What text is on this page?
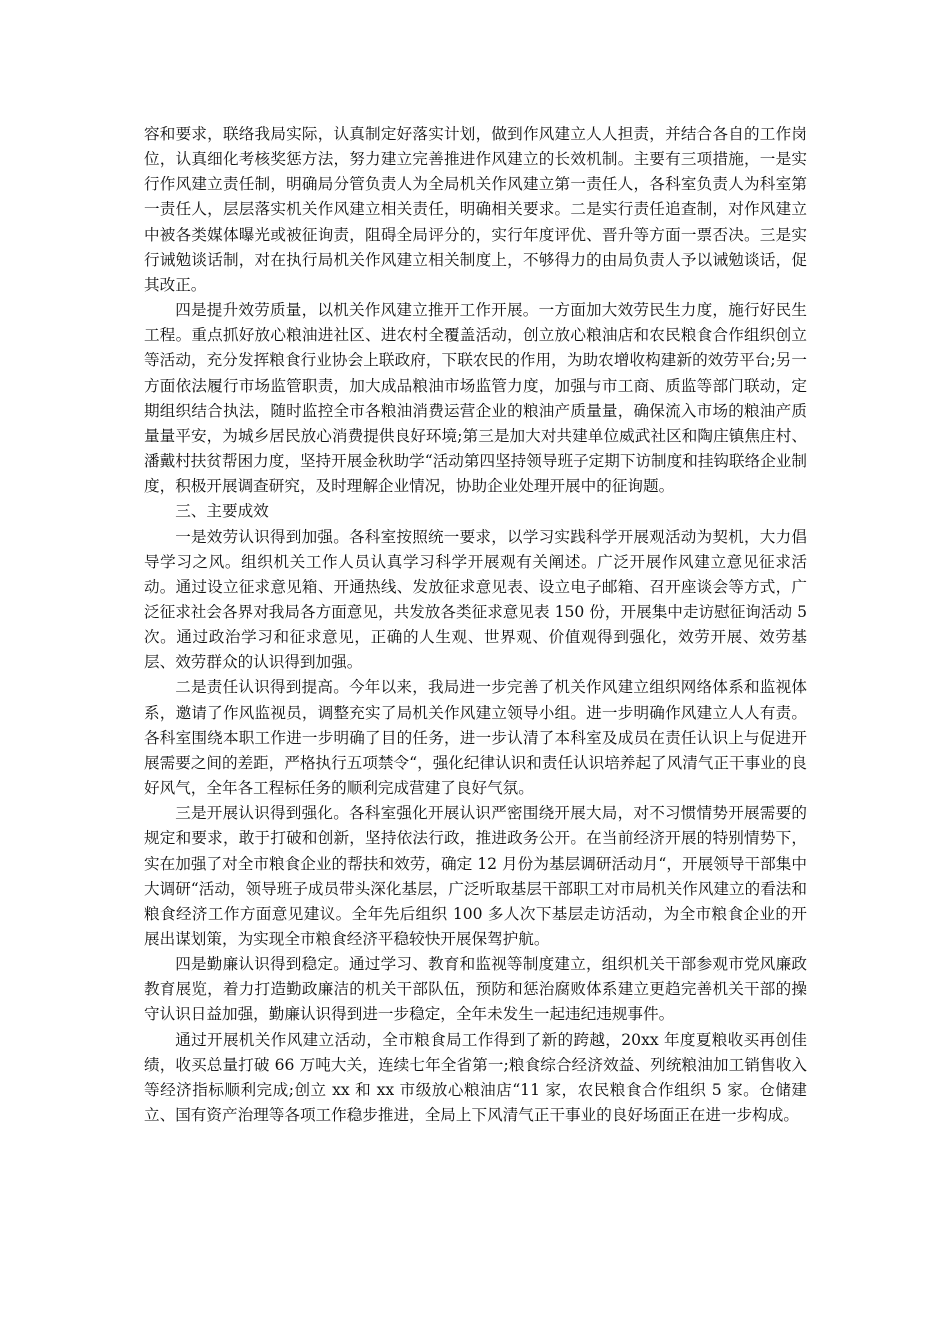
容和要求，联络我局实际，认真制定好落实计划，做到作风建立人人担责，并结合各自的工作岗位，认真细化考核奖惩方法，努力建立完善推进作风建立的长效机制。主要有三项措施，一是实行作风建立责任制，明确局分管负责人为全局机关作风建立第一责任人，各科室负责人为科室第一责任人，层层落实机关作风建立相关责任，明确相关要求。二是实行责任追查制，对作风建立中被各类媒体曝光或被征询责，阻碍全局评分的，实行年度评优、晋升等方面一票否决。三是实行诫勉谈话制，对在执行局机关作风建立相关制度上，不够得力的由局负责人予以诫勉谈话，促其改正。

四是提升效劳质量，以机关作风建立推开工作开展。一方面加大效劳民生力度，施行好民生工程。重点抓好放心粮油进社区、进农村全覆盖活动，创立放心粮油店和农民粮食合作组织创立等活动，充分发挥粮食行业协会上联政府，下联农民的作用，为助农增收构建新的效劳平台;另一方面依法履行市场监管职责，加大成品粮油市场监管力度，加强与市工商、质监等部门联动，定期组织结合执法，随时监控全市各粮油消费运营企业的粮油产质量量，确保流入市场的粮油产质量量平安，为城乡居民放心消费提供良好环境;第三是加大对共建单位威武社区和陶庄镇焦庄村、潘戴村扶贫帮困力度，坚持开展金秋助学“活动第四坚持领导班子定期下访制度和挂钩联络企业制度，积极开展调查研究，及时理解企业情况，协助企业处理开展中的征询题。

三、主要成效

一是效劳认识得到加强。各科室按照统一要求，以学习实践科学开展观活动为契机，大力倡导学习之风。组织机关工作人员认真学习科学开展观有关阐述。广泛开展作风建立意见征求活动。通过设立征求意见箱、开通热线、发放征求意见表、设立电子邮箱、召开座谈会等方式，广泛征求社会各界对我局各方面意见，共发放各类征求意见表 150 份，开展集中走访慰征询活动 5 次。通过政治学习和征求意见，正确的人生观、世界观、价值观得到强化，效劳开展、效劳基层、效劳群众的认识得到加强。

二是责任认识得到提高。今年以来，我局进一步完善了机关作风建立组织网络体系和监视体系，邀请了作风监视员，调整充实了局机关作风建立领导小组。进一步明确作风建立人人有责。各科室围绕本职工作进一步明确了目的任务，进一步认清了本科室及成员在责任认识上与促进开展需要之间的差距，严格执行五项禁令“，强化纪律认识和责任认识培养起了风清气正干事业的良好风气，全年各工程标任务的顺利完成营建了良好气氛。

三是开展认识得到强化。各科室强化开展认识严密围绕开展大局，对不习惯情势开展需要的规定和要求，敢于打破和创新，坚持依法行政，推进政务公开。在当前经济开展的特别情势下，实在加强了对全市粮食企业的帮扶和效劳，确定 12 月份为基层调研活动月“，开展领导干部集中大调研“活动，领导班子成员带头深化基层，广泛听取基层干部职工对市局机关作风建立的看法和粮食经济工作方面意见建议。全年先后组织 100 多人次下基层走访活动，为全市粮食企业的开展出谋划策，为实现全市粮食经济平稳较快开展保驾护航。

四是勤廉认识得到稳定。通过学习、教育和监视等制度建立，组织机关干部参观市党风廉政教育展览，着力打造勤政廉洁的机关干部队伍，预防和惩治腐败体系建立更趋完善机关干部的操守认识日益加强，勤廉认识得到进一步稳定，全年未发生一起违纪违规事件。

通过开展机关作风建立活动，全市粮食局工作得到了新的跨越，20xx 年度夏粮收买再创佳绩，收买总量打破 66 万吨大关，连续七年全省第一;粮食综合经济效益、列统粮油加工销售收入等经济指标顺利完成;创立 xx 和 xx 市级放心粮油店“11 家，农民粮食合作组织 5 家。仓储建立、国有资产治理等各项工作稳步推进，全局上下风清气正干事业的良好场面正在进一步构成。
